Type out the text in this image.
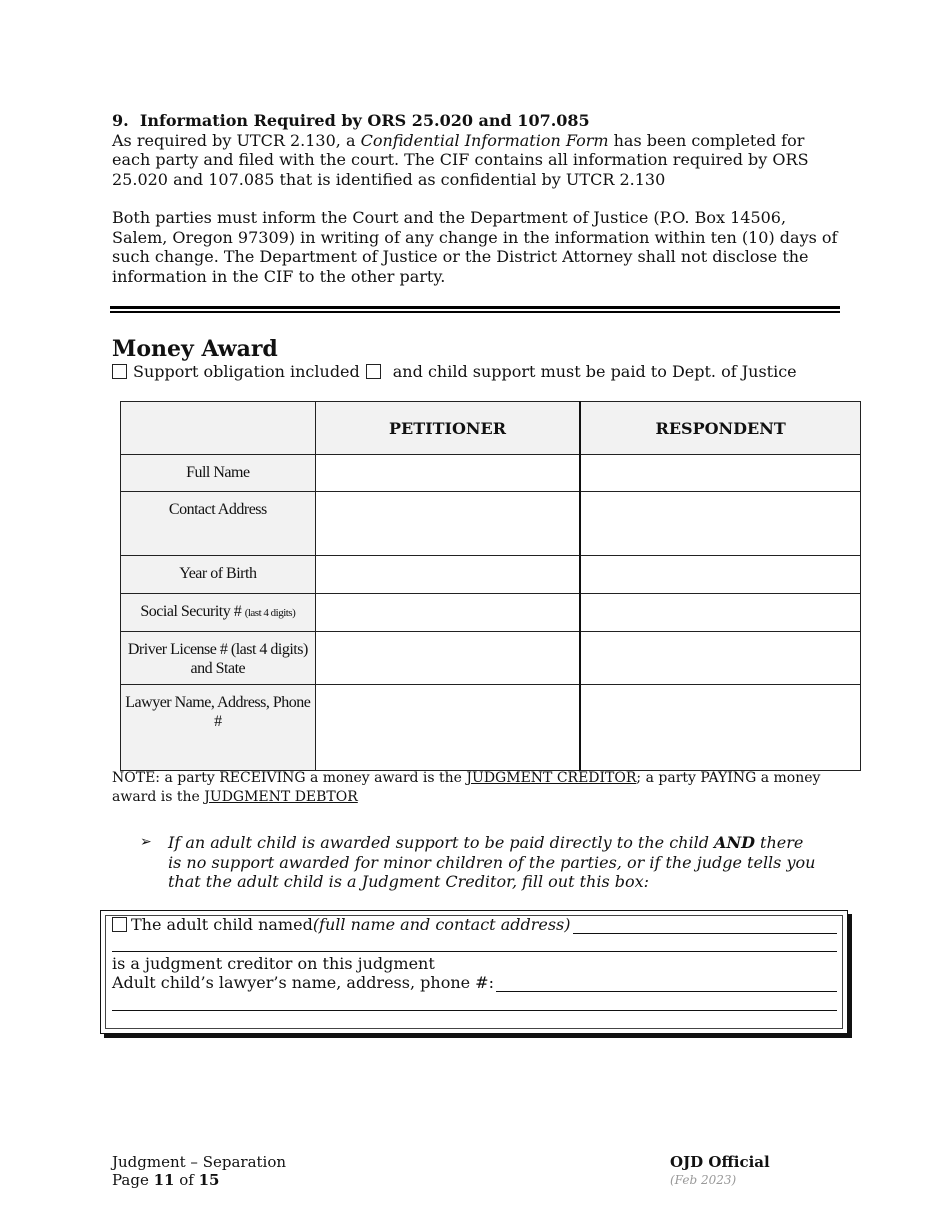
9. Information Required by ORS 25.020 and 107.085

As required by UTCR 2.130, a Confidential Information Form has been completed for each party and filed with the court. The CIF contains all information required by ORS 25.020 and 107.085 that is identified as confidential by UTCR 2.130

Both parties must inform the Court and the Department of Justice (P.O. Box 14506, Salem, Oregon 97309) in writing of any change in the information within ten (10) days of such change. The Department of Justice or the District Attorney shall not disclose the information in the CIF to the other party.

Money Award
Support obligation included and child support must be paid to Dept. of Justice
	PETITIONER	RESPONDENT
Full Name		
Contact Address		
Year of Birth		
Social Security # (last 4 digits)		
Driver License # (last 4 digits) and State		
Lawyer Name, Address, Phone #		
NOTE: a party RECEIVING a money award is the JUDGMENT CREDITOR; a party PAYING a money award is the JUDGMENT DEBTOR
➢ If an adult child is awarded support to be paid directly to the child AND there is no support awarded for minor children of the parties, or if the judge tells you that the adult child is a Judgment Creditor, fill out this box:
The adult child named (full name and contact address)
is a judgment creditor on this judgment
Adult child’s lawyer’s name, address, phone #:
Judgment – Separation
Page 11 of 15
OJD Official
(Feb 2023)
